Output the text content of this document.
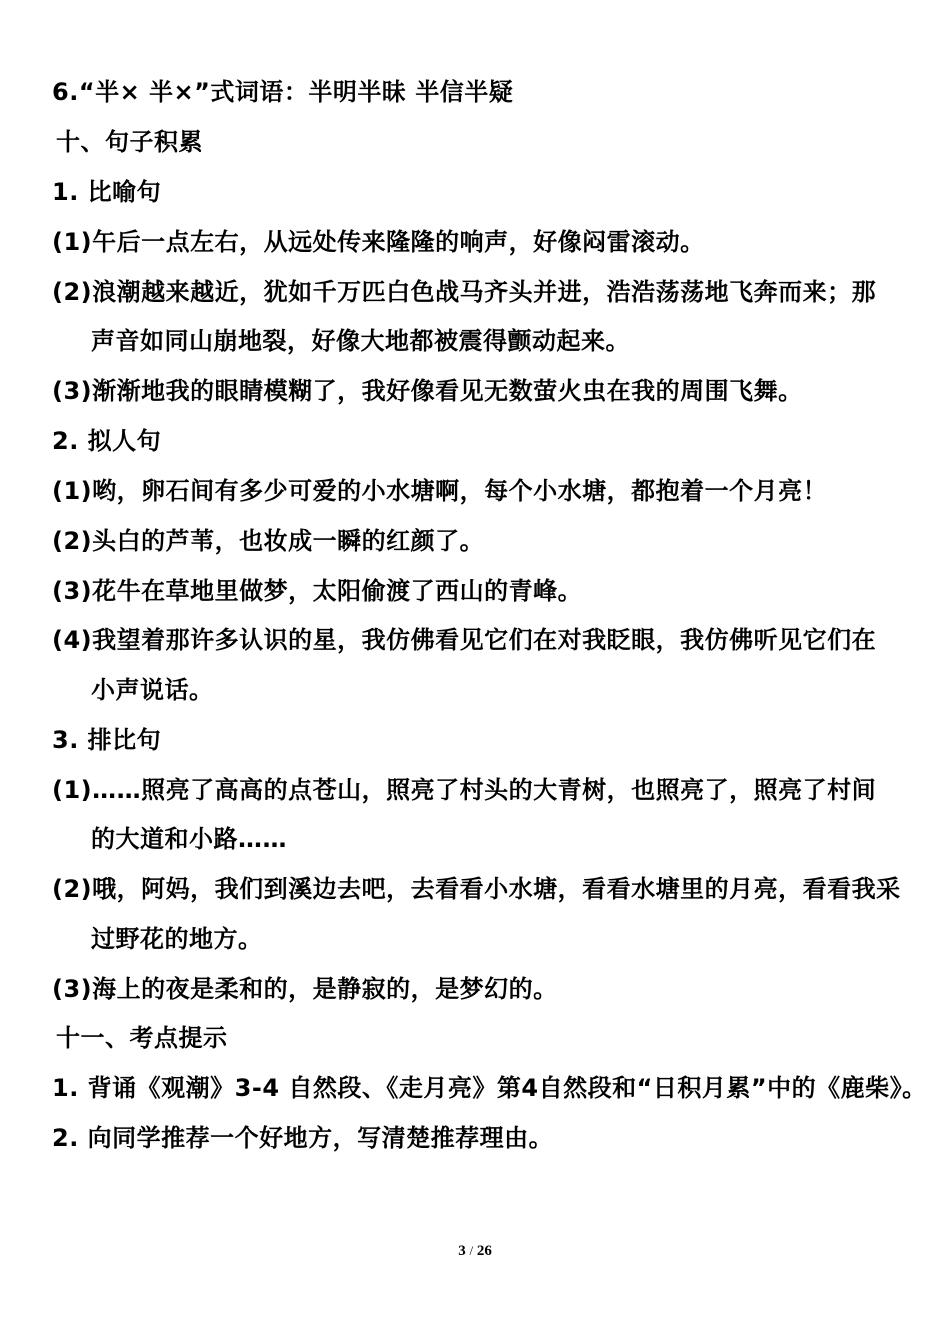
6.“半× 半×”式词语：半明半昧 半信半疑
十、句子积累
1. 比喻句
(1)午后一点左右，从远处传来隆隆的响声，好像闷雷滚动。
(2)浪潮越来越近，犹如千万匹白色战马齐头并进，浩浩荡荡地飞奔而来；那
声音如同山崩地裂，好像大地都被震得颤动起来。
(3)渐渐地我的眼睛模糊了，我好像看见无数萤火虫在我的周围飞舞。
2. 拟人句
(1)哟，卵石间有多少可爱的小水塘啊，每个小水塘，都抱着一个月亮！
(2)头白的芦苇，也妆成一瞬的红颜了。
(3)花牛在草地里做梦，太阳偷渡了西山的青峰。
(4)我望着那许多认识的星，我仿佛看见它们在对我眨眼，我仿佛听见它们在
小声说话。
3. 排比句
(1)……照亮了高高的点苍山，照亮了村头的大青树，也照亮了，照亮了村间
的大道和小路……
(2)哦，阿妈，我们到溪边去吧，去看看小水塘，看看水塘里的月亮，看看我采
过野花的地方。
(3)海上的夜是柔和的，是静寂的，是梦幻的。
十一、考点提示
1. 背诵《观潮》3-4 自然段、《走月亮》第4自然段和“日积月累”中的《鹿柴》。
2. 向同学推荐一个好地方，写清楚推荐理由。
3 / 26
